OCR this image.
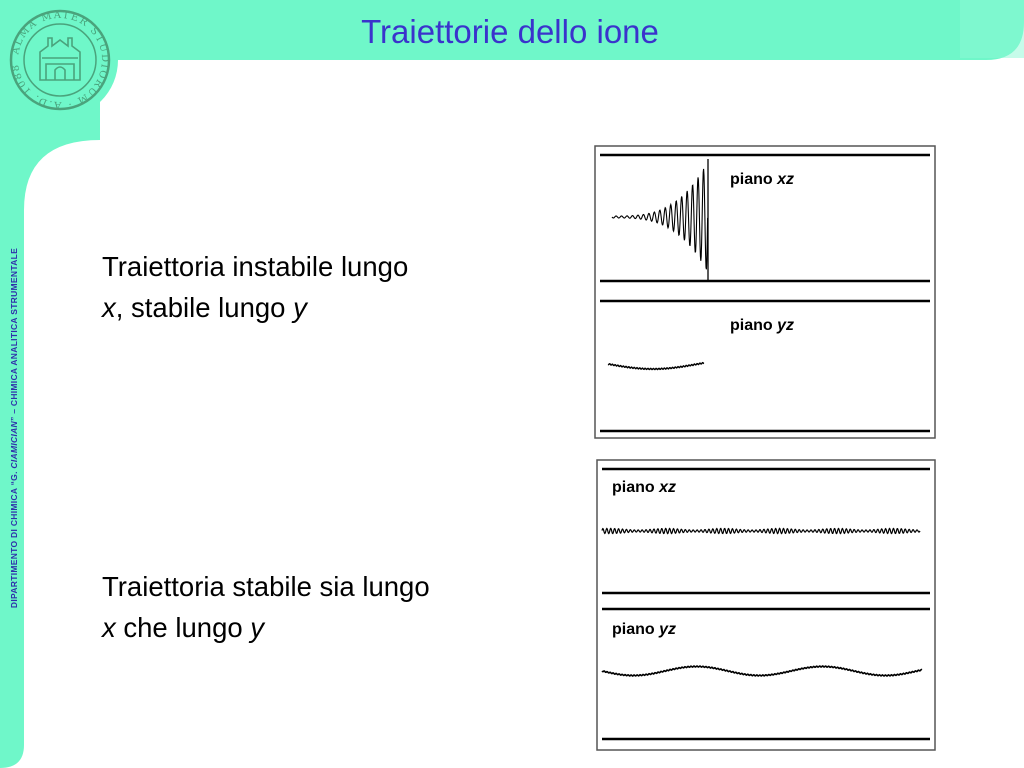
ALMA MATER STUDIORUM · A.D. 1088
Traiettorie dello ione
DIPARTIMENTO DI CHIMICA “G. CIAMICIAN” – CHIMICA ANALITICA STRUMENTALE	Traiettoria instabile lungo
x, stabile lungo y
Traiettoria stabile sia lungo
x che lungo y
piano xz
piano yz
piano xz
piano yz
